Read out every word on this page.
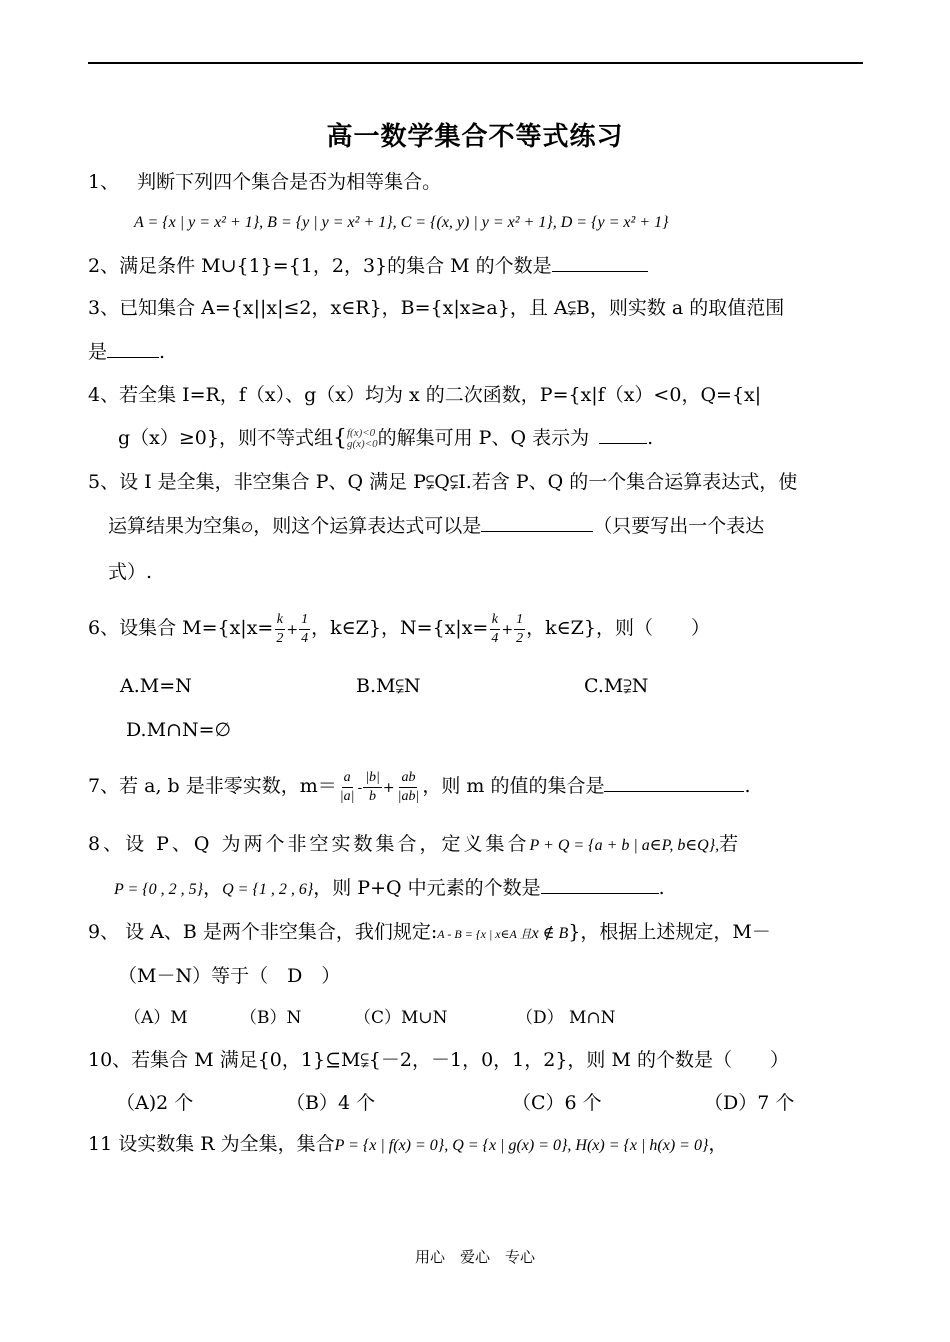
高一数学集合不等式练习
1、 判断下列四个集合是否为相等集合。
A = {x | y = x² + 1}, B = {y | y = x² + 1}, C = {(x, y) | y = x² + 1}, D = {y = x² + 1}
2、满足条件 M∪{1}={1，2，3}的集合 M 的个数是
3、已知集合 A={x||x|≤2，x∈R}，B={x|x≥a}，且 A⫋B，则实数 a 的取值范围
是	.
4、若全集 I=R，f（x）、g（x）均为 x 的二次函数，P={x|f（x）<0，Q={x|
g（x）≥0}，则不等式组{ f(x)<0
g(x)<0 的解集可用 P、Q 表示为	.
5、设 I 是全集，非空集合 P、Q 满足 P⫋Q⫋I.若含 P、Q 的一个集合运算表达式，使
运算结果为空集∅，则这个运算表达式可以是	（只要写出一个表达
式）.
6、设集合 $M=\{x|x= \frac{k}{2} + \frac{1}{4}$ ，k∈Z}，$N=\{x|x= \frac{k}{4} + \frac{1}{2}$ ，k∈Z}，则（　　）
A.M=N	B.M⫋N	C.M⫌N
D.M∩N=∅
7、若 a, b 是非零实数，$m= \frac{a}{|a|} - \frac{|b|}{b} + \frac{ab}{|ab|}$ ，则 m 的值的集合是	.
8、设 P、Q 为两个非空实数集合，定义集合P + Q = {a + b | a∈P, b∈Q},若
P = {0 , 2 , 5}，Q = {1 , 2 , 6}，则 P+Q 中元素的个数是	.
9、 设 A、B 是两个非空集合，我们规定:A - B = {x | x∈A 且x ∉ B}，根据上述规定，M－
（M－N）等于（　D　）
（A）M	（B）N	（C）M∪N	（D） M∩N
10、若集合 M 满足{0，1}⊆M⫋{－2，－1，0，1，2}，则 M 的个数是（　　）
（A)2 个	（B）4 个	（C）6 个	（D）7 个
11 设实数集 R 为全集，集合P = {x | f(x) = 0}, Q = {x | g(x) = 0}, H(x) = {x | h(x) = 0}，
用心　爱心　专心
